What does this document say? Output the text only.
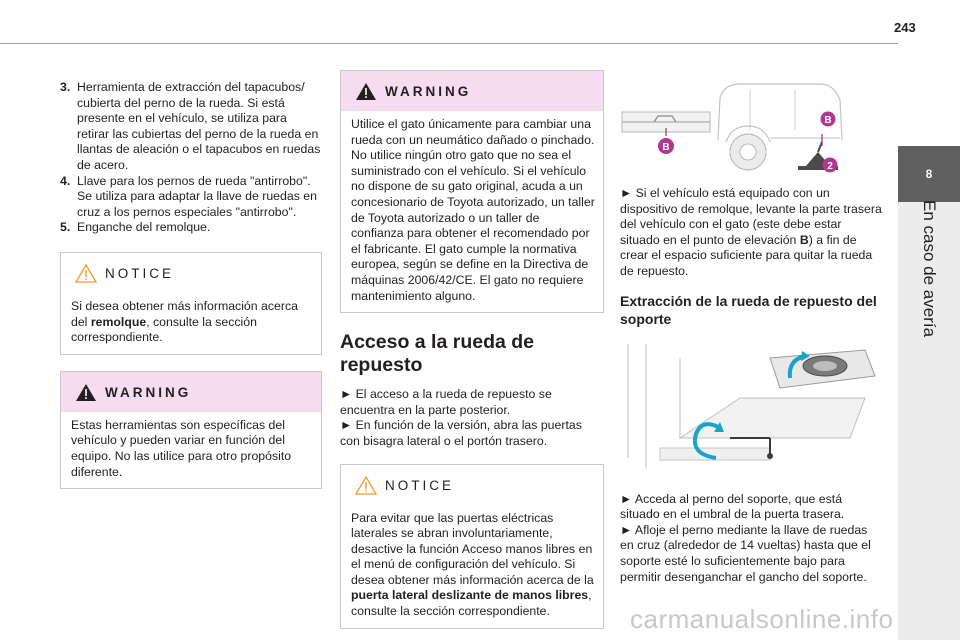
243
8
En caso de avería
3. Herramienta de extracción del tapacubos/ cubierta del perno de la rueda. Si está presente en el vehículo, se utiliza para retirar las cubiertas del perno de la rueda en llantas de aleación o el tapacubos en ruedas de acero.
4. Llave para los pernos de rueda "antirrobo". Se utiliza para adaptar la llave de ruedas en cruz a los pernos especiales "antirrobo".
5. Enganche del remolque.
NOTICE
Si desea obtener más información acerca del remolque, consulte la sección correspondiente.
WARNING
Estas herramientas son específicas del vehículo y pueden variar en función del equipo. No las utilice para otro propósito diferente.
WARNING
Utilice el gato únicamente para cambiar una rueda con un neumático dañado o pinchado. No utilice ningún otro gato que no sea el suministrado con el vehículo. Si el vehículo no dispone de su gato original, acuda a un concesionario de Toyota autorizado, un taller de Toyota autorizado o un taller de confianza para obtener el recomendado por el fabricante. El gato cumple la normativa europea, según se define en la Directiva de máquinas 2006/42/CE. El gato no requiere mantenimiento alguno.
Acceso a la rueda de repuesto

► El acceso a la rueda de repuesto se encuentra en la parte posterior.

► En función de la versión, abra las puertas con bisagra lateral o el portón trasero.

NOTICE
Para evitar que las puertas eléctricas laterales se abran involuntariamente, desactive la función Acceso manos libres en el menú de configuración del vehículo. Si desea obtener más información acerca de la puerta lateral deslizante de manos libres, consulte la sección correspondiente.
B
B
2

► Si el vehículo está equipado con un dispositivo de remolque, levante la parte trasera del vehículo con el gato (este debe estar situado en el punto de elevación B) a fin de crear el espacio suficiente para quitar la rueda de repuesto.

Extracción de la rueda de repuesto del soporte

► Acceda al perno del soporte, que está situado en el umbral de la puerta trasera.

► Afloje el perno mediante la llave de ruedas en cruz (alrededor de 14 vueltas) hasta que el soporte esté lo suficientemente bajo para permitir desenganchar el gancho del soporte.

carmanualsonline.info
